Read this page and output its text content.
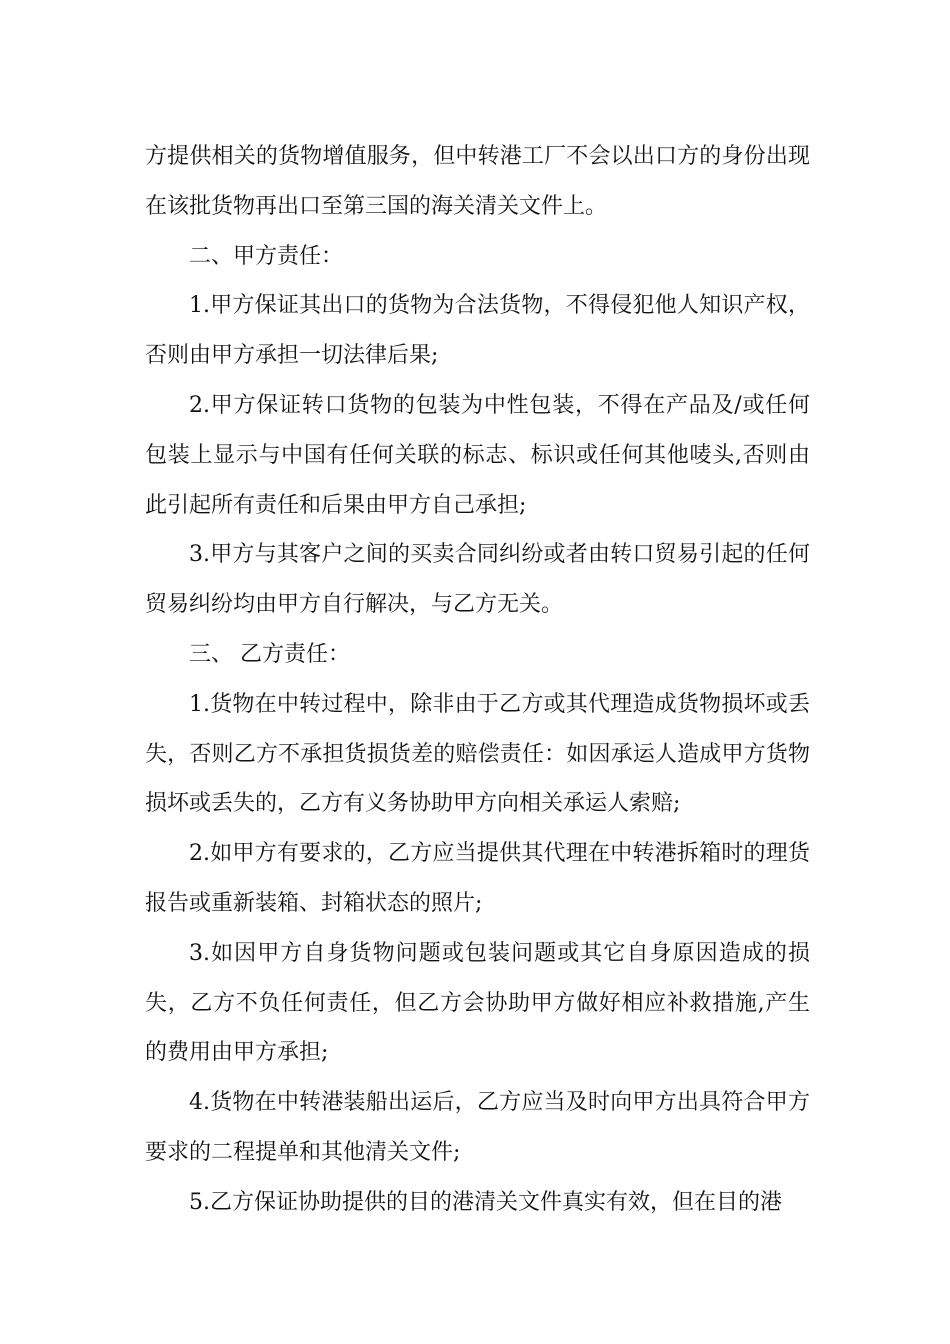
方提供相关的货物增值服务，但中转港工厂不会以出口方的身份出现在该批货物再出口至第三国的海关清关文件上。

二、甲方责任：

1.甲方保证其出口的货物为合法货物，不得侵犯他人知识产权，否则由甲方承担一切法律后果;

2.甲方保证转口货物的包装为中性包装，不得在产品及/或任何包装上显示与中国有任何关联的标志、标识或任何其他唛头,否则由此引起所有责任和后果由甲方自己承担;

3.甲方与其客户之间的买卖合同纠纷或者由转口贸易引起的任何贸易纠纷均由甲方自行解决，与乙方无关。

三、 乙方责任：

1.货物在中转过程中，除非由于乙方或其代理造成货物损坏或丢失，否则乙方不承担货损货差的赔偿责任：如因承运人造成甲方货物损坏或丢失的，乙方有义务协助甲方向相关承运人索赔;

2.如甲方有要求的，乙方应当提供其代理在中转港拆箱时的理货报告或重新装箱、封箱状态的照片;

3.如因甲方自身货物问题或包装问题或其它自身原因造成的损失，乙方不负任何责任，但乙方会协助甲方做好相应补救措施,产生的费用由甲方承担;

4.货物在中转港装船出运后，乙方应当及时向甲方出具符合甲方要求的二程提单和其他清关文件;

5.乙方保证协助提供的目的港清关文件真实有效，但在目的港
